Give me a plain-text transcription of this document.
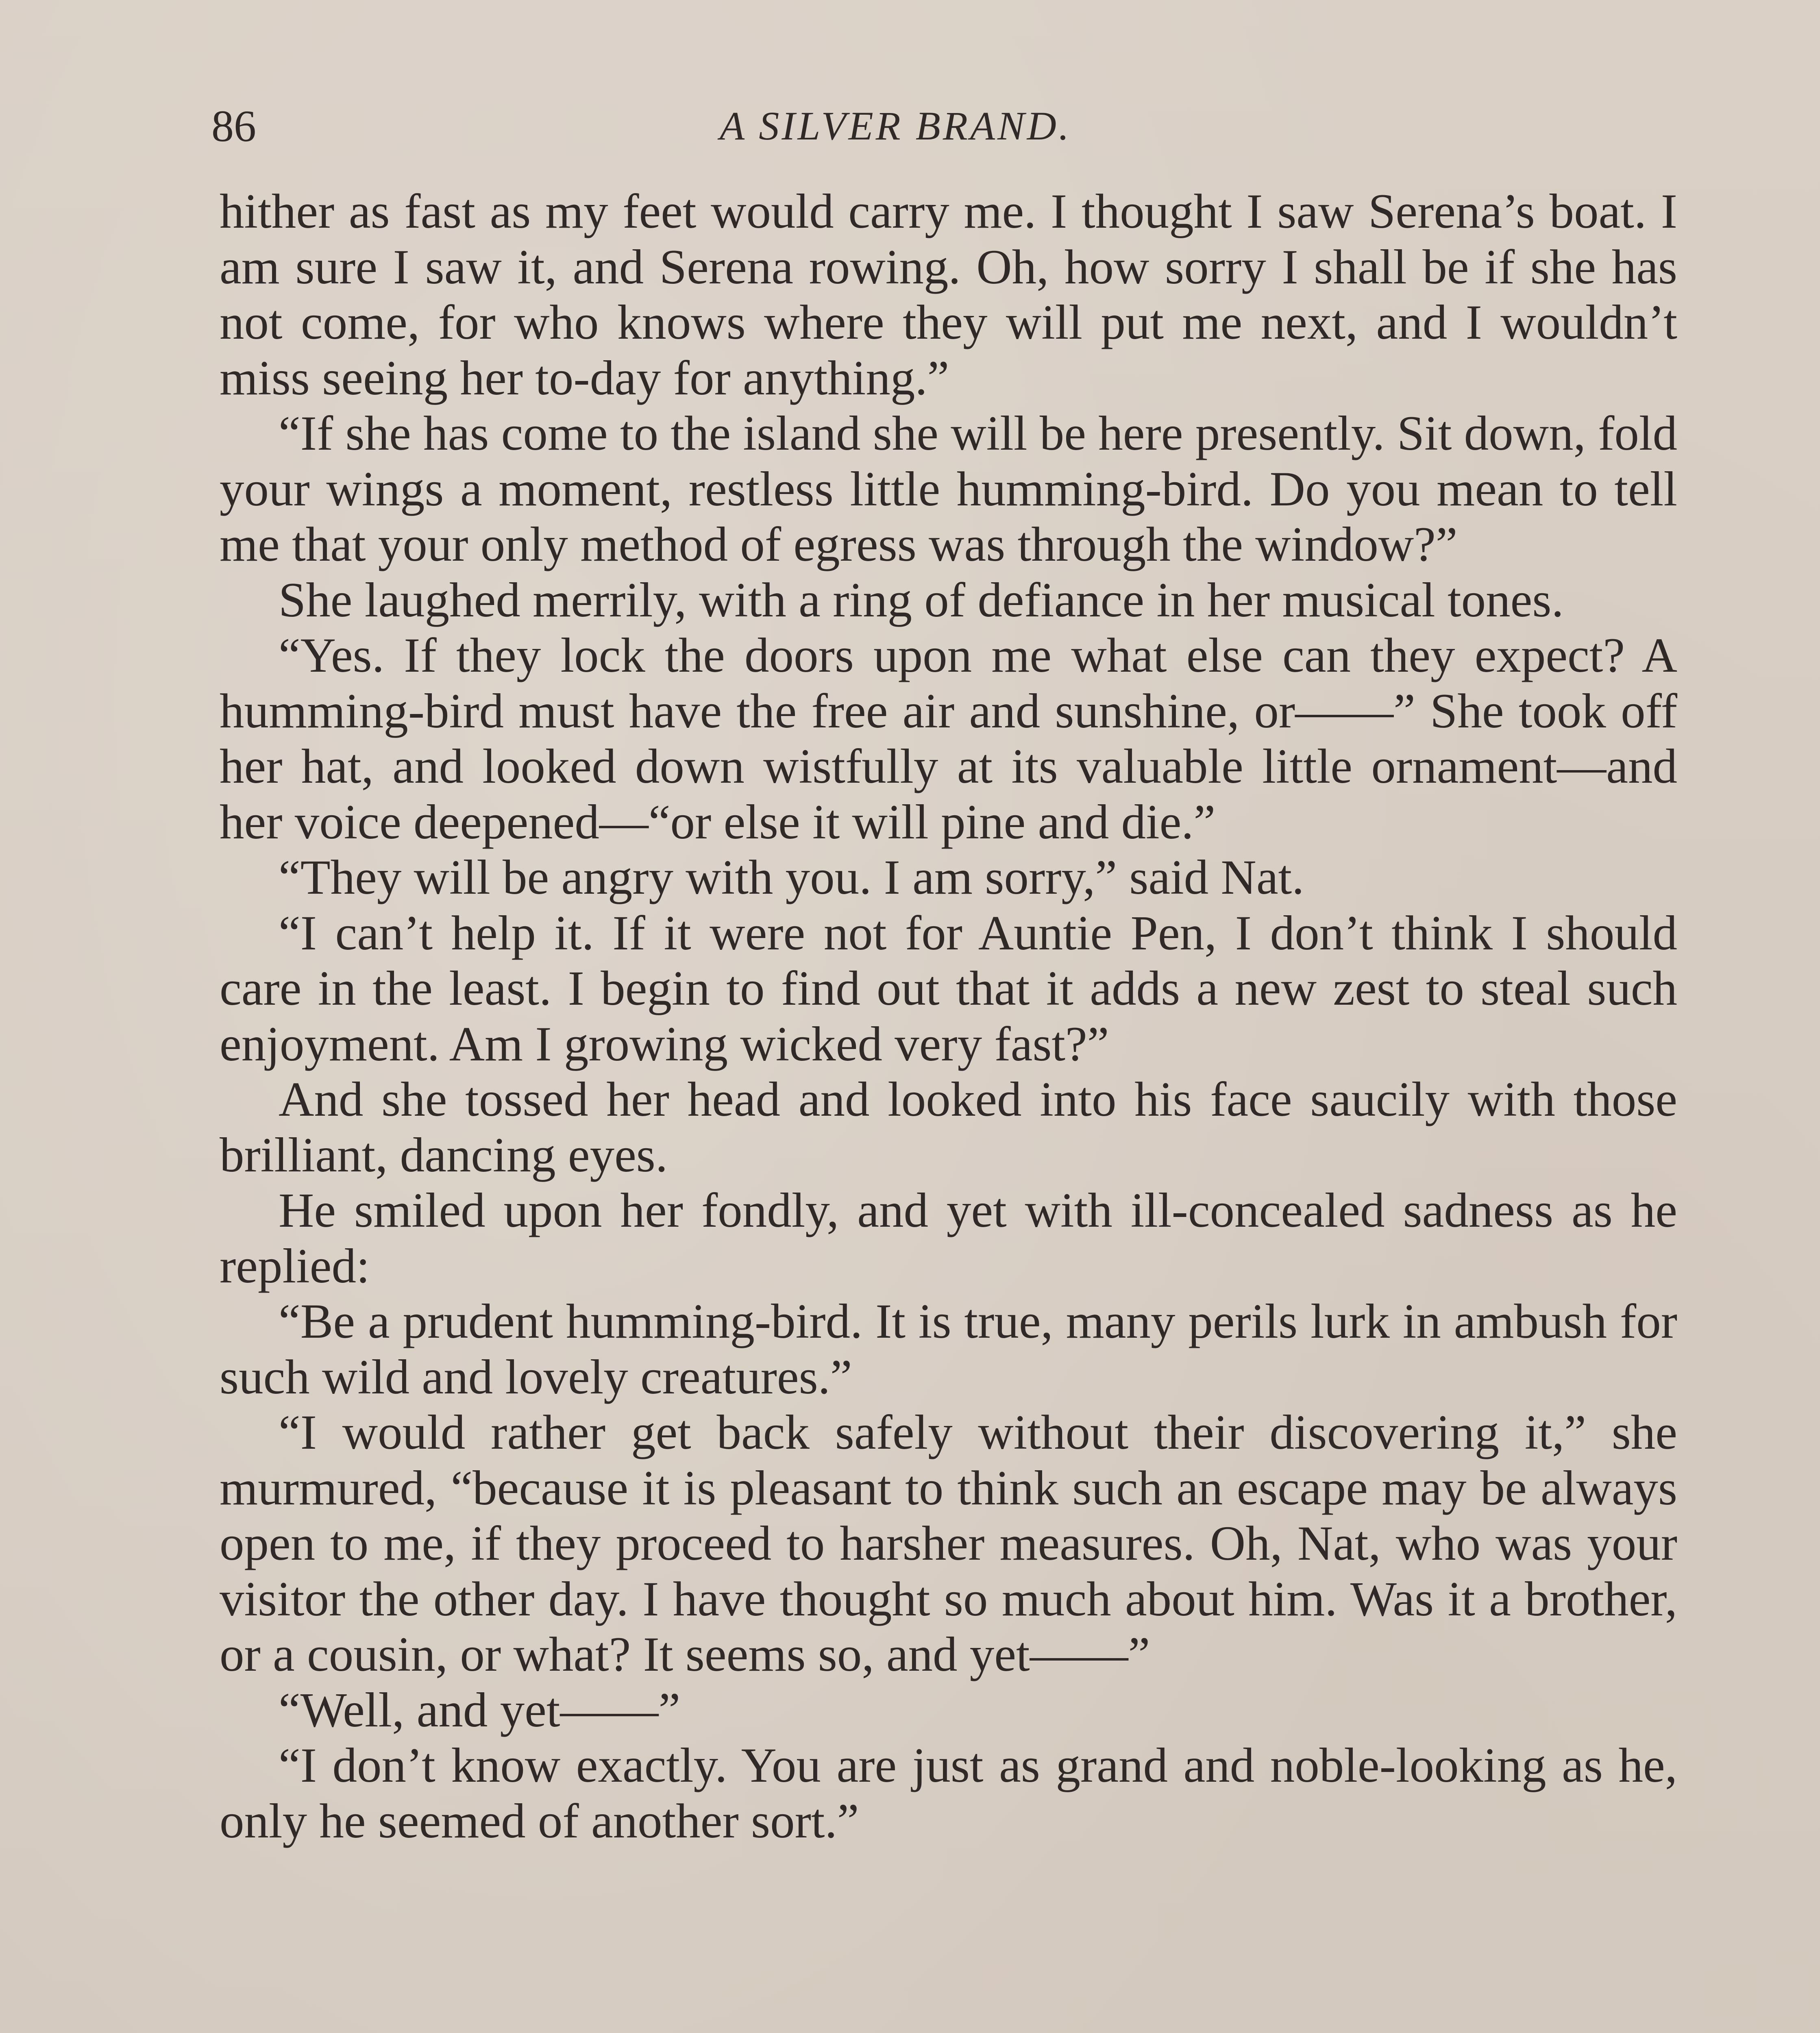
86	A SILVER BRAND.

hither as fast as my feet would carry me. I thought I saw Serena’s boat. I am sure I saw it, and Serena rowing. Oh, how sorry I shall be if she has not come, for who knows where they will put me next, and I wouldn’t miss seeing her to-day for anything.”

“If she has come to the island she will be here presently. Sit down, fold your wings a moment, restless little humming-bird. Do you mean to tell me that your only method of egress was through the window?”

She laughed merrily, with a ring of defiance in her musical tones.

“Yes. If they lock the doors upon me what else can they expect? A humming-bird must have the free air and sunshine, or——” She took off her hat, and looked down wistfully at its valuable little ornament—and her voice deepened—“or else it will pine and die.”

“They will be angry with you. I am sorry,” said Nat.

“I can’t help it. If it were not for Auntie Pen, I don’t think I should care in the least. I begin to find out that it adds a new zest to steal such enjoyment. Am I growing wicked very fast?”

And she tossed her head and looked into his face saucily with those brilliant, dancing eyes.

He smiled upon her fondly, and yet with ill-concealed sadness as he replied:

“Be a prudent humming-bird. It is true, many perils lurk in ambush for such wild and lovely creatures.”

“I would rather get back safely without their discovering it,” she murmured, “because it is pleasant to think such an escape may be always open to me, if they proceed to harsher measures. Oh, Nat, who was your visitor the other day. I have thought so much about him. Was it a brother, or a cousin, or what? It seems so, and yet——”

“Well, and yet——”

“I don’t know exactly. You are just as grand and noble-looking as he, only he seemed of another sort.”
